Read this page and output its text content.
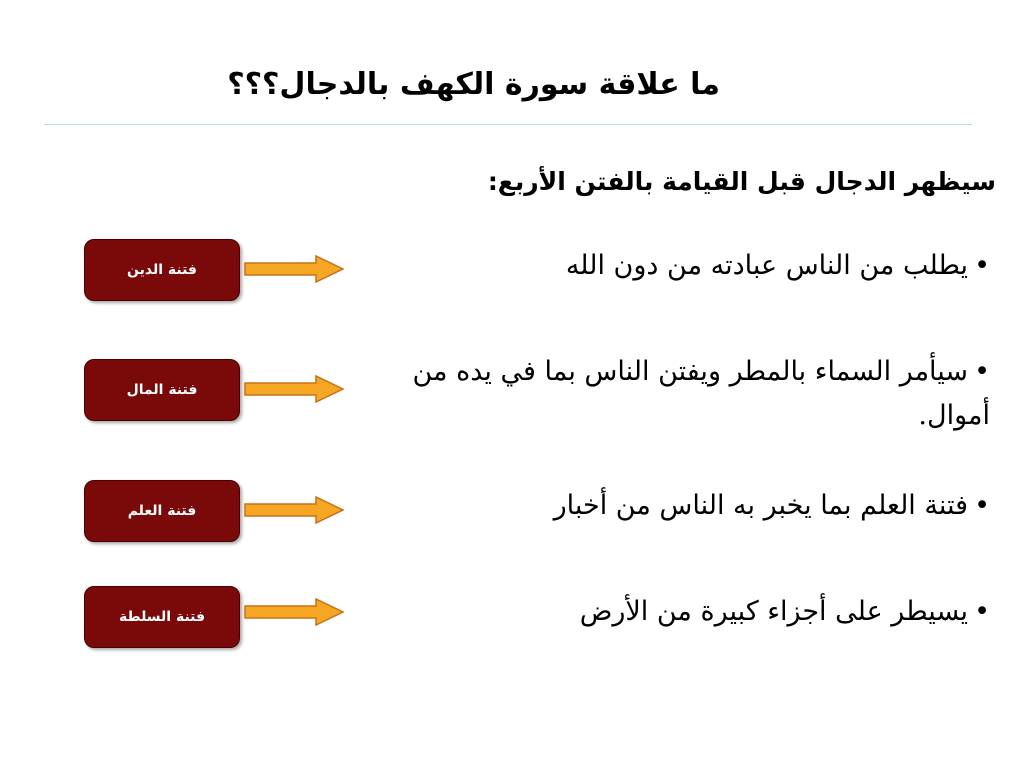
ما علاقة سورة الكهف بالدجال؟؟؟
سيظهر الدجال قبل القيامة بالفتن الأربع:
•يطلب من الناس عبادته من دون الله
فتنة الدين
•سيأمر السماء بالمطر ويفتن الناس بما في يده من أموال.
فتنة المال
•فتنة العلم بما يخبر به الناس من أخبار
فتنة العلم
•يسيطر على أجزاء كبيرة من الأرض
فتنة السلطة
